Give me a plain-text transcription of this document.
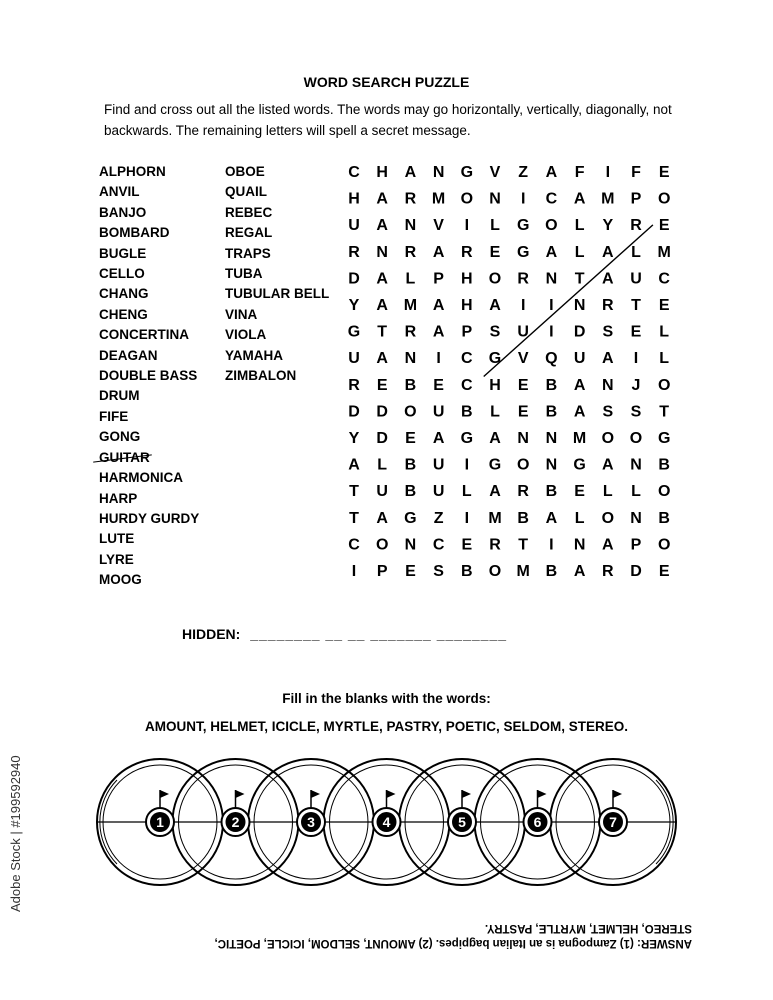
WORD SEARCH PUZZLE
Find and cross out all the listed words. The words may go horizontally, vertically, diagonally, not backwards. The remaining letters will spell a secret message.
ALPHORN
ANVIL
BANJO
BOMBARD
BUGLE
CELLO
CHANG
CHENG
CONCERTINA
DEAGAN
DOUBLE BASS
DRUM
FIFE
GONG
GUITAR
HARMONICA
HARP
HURDY GURDY
LUTE
LYRE
MOOG
OBOE
QUAIL
REBEC
REGAL
TRAPS
TUBA
TUBULAR BELL
VINA
VIOLA
YAMAHA
ZIMBALON
C H A N G V Z A F I F E
H A R M O N I C A M P O
U A N V I L G O L Y R E
R N R A R E G A L A L M
D A L P H O R N T A U C
Y A M A H A I I N R T E
G T R A P S U I D S E L
U A N I C G V Q U A I L
R E B E C H E B A N J O
D D O U B L E B A S S T
Y D E A G A N N M O O G
A L B U I G O N G A N B
T U B U L A R B E L L O
T A G Z I M B A L O N B
C O N C E R T I N A P O
I P E S B O M B A R D E
HIDDEN: ________ __ __ _______ ________
Fill in the blanks with the words:
AMOUNT, HELMET, ICICLE, MYRTLE, PASTRY, POETIC, SELDOM, STEREO.
1	2	3	4	5	6	7
ANSWER: (1) Zampogna is an Italian bagpipes. (2) AMOUNT, SELDOM, ICICLE, POETIC,
STEREO, HELMET, MYRTLE, PASTRY.
Adobe Stock | #199592940
